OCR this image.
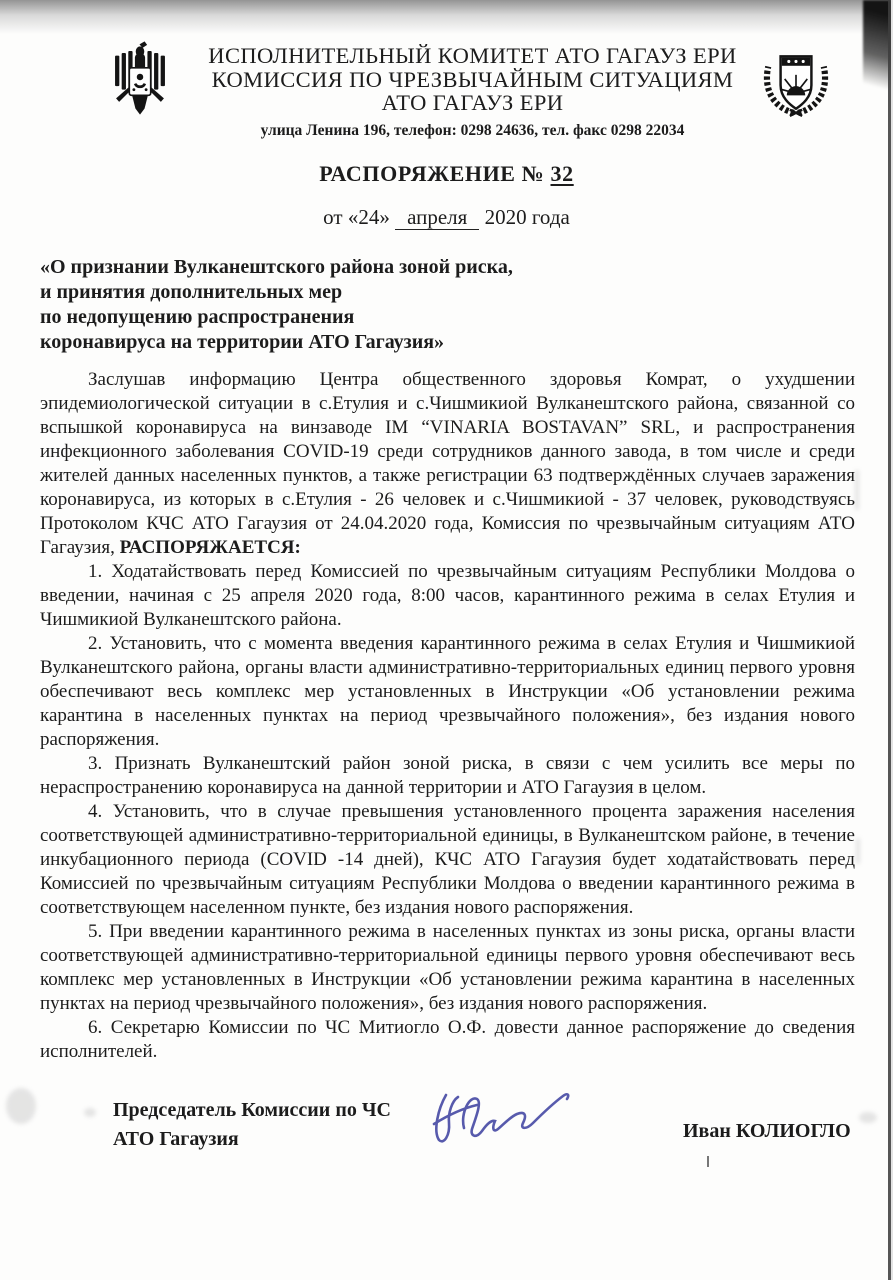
ИСПОЛНИТЕЛЬНЫЙ КОМИТЕТ АТО ГАГАУЗ ЕРИ
КОМИССИЯ ПО ЧРЕЗВЫЧАЙНЫМ СИТУАЦИЯМ
АТО ГАГАУЗ ЕРИ
улица Ленина 196, телефон: 0298 24636, тел. факс 0298 22034
РАСПОРЯЖЕНИЕ № 32
от «24» апреля 2020 года
«О признании Вулканештского района зоной риска,
и принятия дополнительных мер
по недопущению распространения
коронавируса на территории АТО Гагаузия»

Заслушав информацию Центра общественного здоровья Комрат, о ухудшении эпидемиологической ситуации в с.Етулия и с.Чишмикиой Вулканештского района, связанной со вспышкой коронавируса на винзаводе IM “VINARIA BOSTAVAN” SRL, и распространения инфекционного заболевания COVID-19 среди сотрудников данного завода, в том числе и среди жителей данных населенных пунктов, а также регистрации 63 подтверждённых случаев заражения коронавируса, из которых в с.Етулия - 26 человек и с.Чишмикиой - 37 человек, руководствуясь Протоколом КЧС АТО Гагаузия от 24.04.2020 года, Комиссия по чрезвычайным ситуациям АТО Гагаузия, РАСПОРЯЖАЕТСЯ:

1. Ходатайствовать перед Комиссией по чрезвычайным ситуациям Республики Молдова о введении, начиная с 25 апреля 2020 года, 8:00 часов, карантинного режима в селах Етулия и Чишмикиой Вулканештского района.

2. Установить, что с момента введения карантинного режима в селах Етулия и Чишмикиой Вулканештского района, органы власти административно-территориальных единиц первого уровня обеспечивают весь комплекс мер установленных в Инструкции «Об установлении режима карантина в населенных пунктах на период чрезвычайного положения», без издания нового распоряжения.

3. Признать Вулканештский район зоной риска, в связи с чем усилить все меры по нераспространению коронавируса на данной территории и АТО Гагаузия в целом.

4. Установить, что в случае превышения установленного процента заражения населения соответствующей административно-территориальной единицы, в Вулканештском районе, в течение инкубационного периода (COVID -14 дней), КЧС АТО Гагаузия будет ходатайствовать перед Комиссией по чрезвычайным ситуациям Республики Молдова о введении карантинного режима в соответствующем населенном пункте, без издания нового распоряжения.

5. При введении карантинного режима в населенных пунктах из зоны риска, органы власти соответствующей административно-территориальной единицы первого уровня обеспечивают весь комплекс мер установленных в Инструкции «Об установлении режима карантина в населенных пунктах на период чрезвычайного положения», без издания нового распоряжения.

6. Секретарю Комиссии по ЧС Митиогло О.Ф. довести данное распоряжение до сведения исполнителей.

Председатель Комиссии по ЧС
АТО Гагаузия	Иван КОЛИОГЛО
